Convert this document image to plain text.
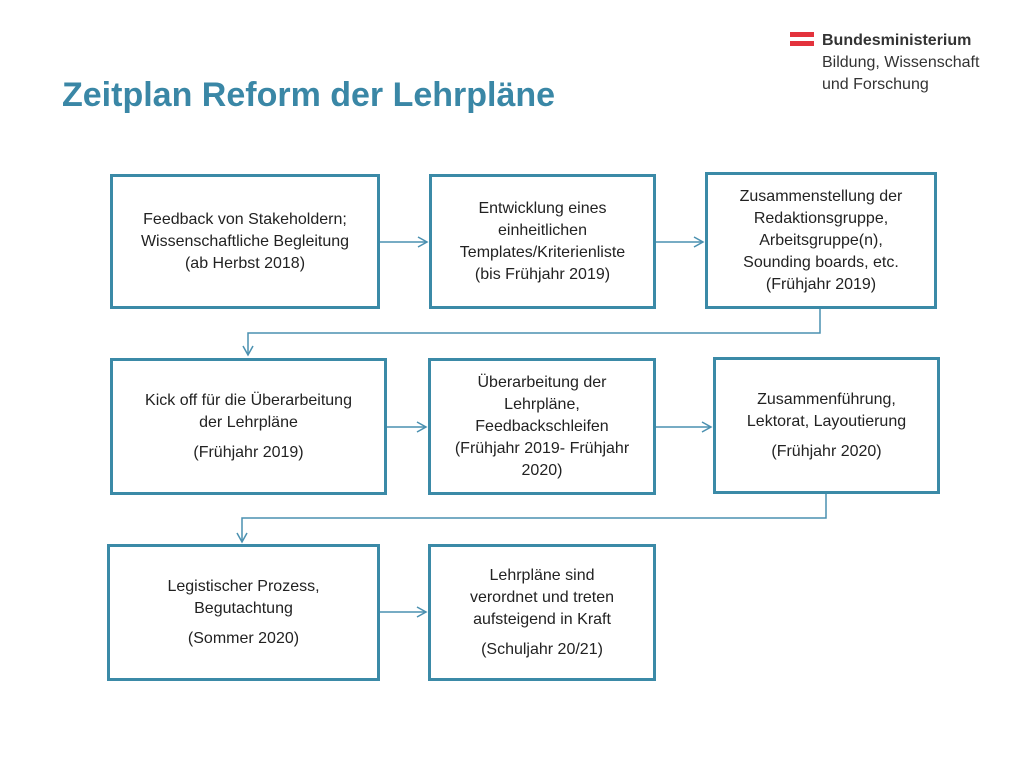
Zeitplan Reform der Lehrpläne
Bundesministerium
Bildung, Wissenschaft
und Forschung
Feedback von Stakeholdern;
Wissenschaftliche Begleitung
(ab Herbst 2018)
Entwicklung eines
einheitlichen
Templates/Kriterienliste
(bis Frühjahr 2019)
Zusammenstellung der
Redaktionsgruppe,
Arbeitsgruppe(n),
Sounding boards, etc.
(Frühjahr 2019)
Kick off für die Überarbeitung
der Lehrpläne
(Frühjahr 2019)
Überarbeitung der
Lehrpläne,
Feedbackschleifen
(Frühjahr 2019- Frühjahr
2020)
Zusammenführung,
Lektorat, Layoutierung
(Frühjahr 2020)
Legistischer Prozess,
Begutachtung
(Sommer 2020)
Lehrpläne sind
verordnet und treten
aufsteigend in Kraft
(Schuljahr 20/21)
